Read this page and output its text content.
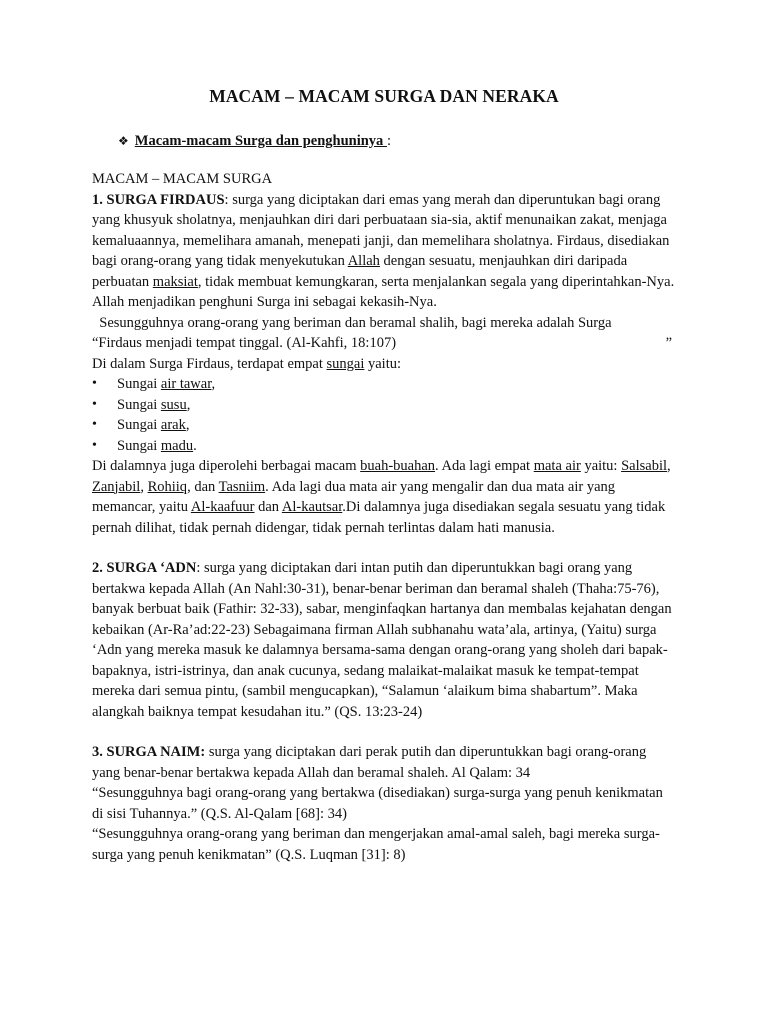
MACAM – MACAM SURGA DAN NERAKA
❖ Macam-macam Surga dan penghuninya :

MACAM – MACAM SURGA

1. SURGA FIRDAUS: surga yang diciptakan dari emas yang merah dan diperuntukan bagi orang yang khusyuk sholatnya, menjauhkan diri dari perbuataan sia-sia, aktif menunaikan zakat, menjaga kemaluaannya, memelihara amanah, menepati janji, dan memelihara sholatnya. Firdaus, disediakan bagi orang-orang yang tidak menyekutukan Allah dengan sesuatu, menjauhkan diri daripada perbuatan maksiat, tidak membuat kemungkaran, serta menjalankan segala yang diperintahkan-Nya. Allah menjadikan penghuni Surga ini sebagai kekasih-Nya.

Sesungguhnya orang-orang yang beriman dan beramal shalih, bagi mereka adalah Surga

“Firdaus menjadi tempat tinggal. (Al-Kahfi, 18:107)	”

Di dalam Surga Firdaus, terdapat empat sungai yaitu:

• Sungai air tawar,
• Sungai susu,
• Sungai arak,
• Sungai madu.

Di dalamnya juga diperolehi berbagai macam buah-buahan. Ada lagi empat mata air yaitu: Salsabil, Zanjabil, Rohiiq, dan Tasniim. Ada lagi dua mata air yang mengalir dan dua mata air yang memancar, yaitu Al-kaafuur dan Al-kautsar.Di dalamnya juga disediakan segala sesuatu yang tidak pernah dilihat, tidak pernah didengar, tidak pernah terlintas dalam hati manusia.

2. SURGA ‘ADN: surga yang diciptakan dari intan putih dan diperuntukkan bagi orang yang bertakwa kepada Allah (An Nahl:30-31), benar-benar beriman dan beramal shaleh (Thaha:75-76), banyak berbuat baik (Fathir: 32-33), sabar, menginfaqkan hartanya dan membalas kejahatan dengan kebaikan (Ar-Ra’ad:22-23) Sebagaimana firman Allah subhanahu wata’ala, artinya, (Yaitu) surga ‘Adn yang mereka masuk ke dalamnya bersama-sama dengan orang-orang yang sholeh dari bapak-bapaknya, istri-istrinya, dan anak cucunya, sedang malaikat-malaikat masuk ke tempat-tempat mereka dari semua pintu, (sambil mengucapkan), “Salamun ‘alaikum bima shabartum”. Maka alangkah baiknya tempat kesudahan itu.” (QS. 13:23-24)

3. SURGA NAIM: surga yang diciptakan dari perak putih dan diperuntukkan bagi orang-orang yang benar-benar bertakwa kepada Allah dan beramal shaleh. Al Qalam: 34

“Sesungguhnya bagi orang-orang yang bertakwa (disediakan) surga-surga yang penuh kenikmatan di sisi Tuhannya.” (Q.S. Al-Qalam [68]: 34)

“Sesungguhnya orang-orang yang beriman dan mengerjakan amal-amal saleh, bagi mereka surga-surga yang penuh kenikmatan” (Q.S. Luqman [31]: 8)
